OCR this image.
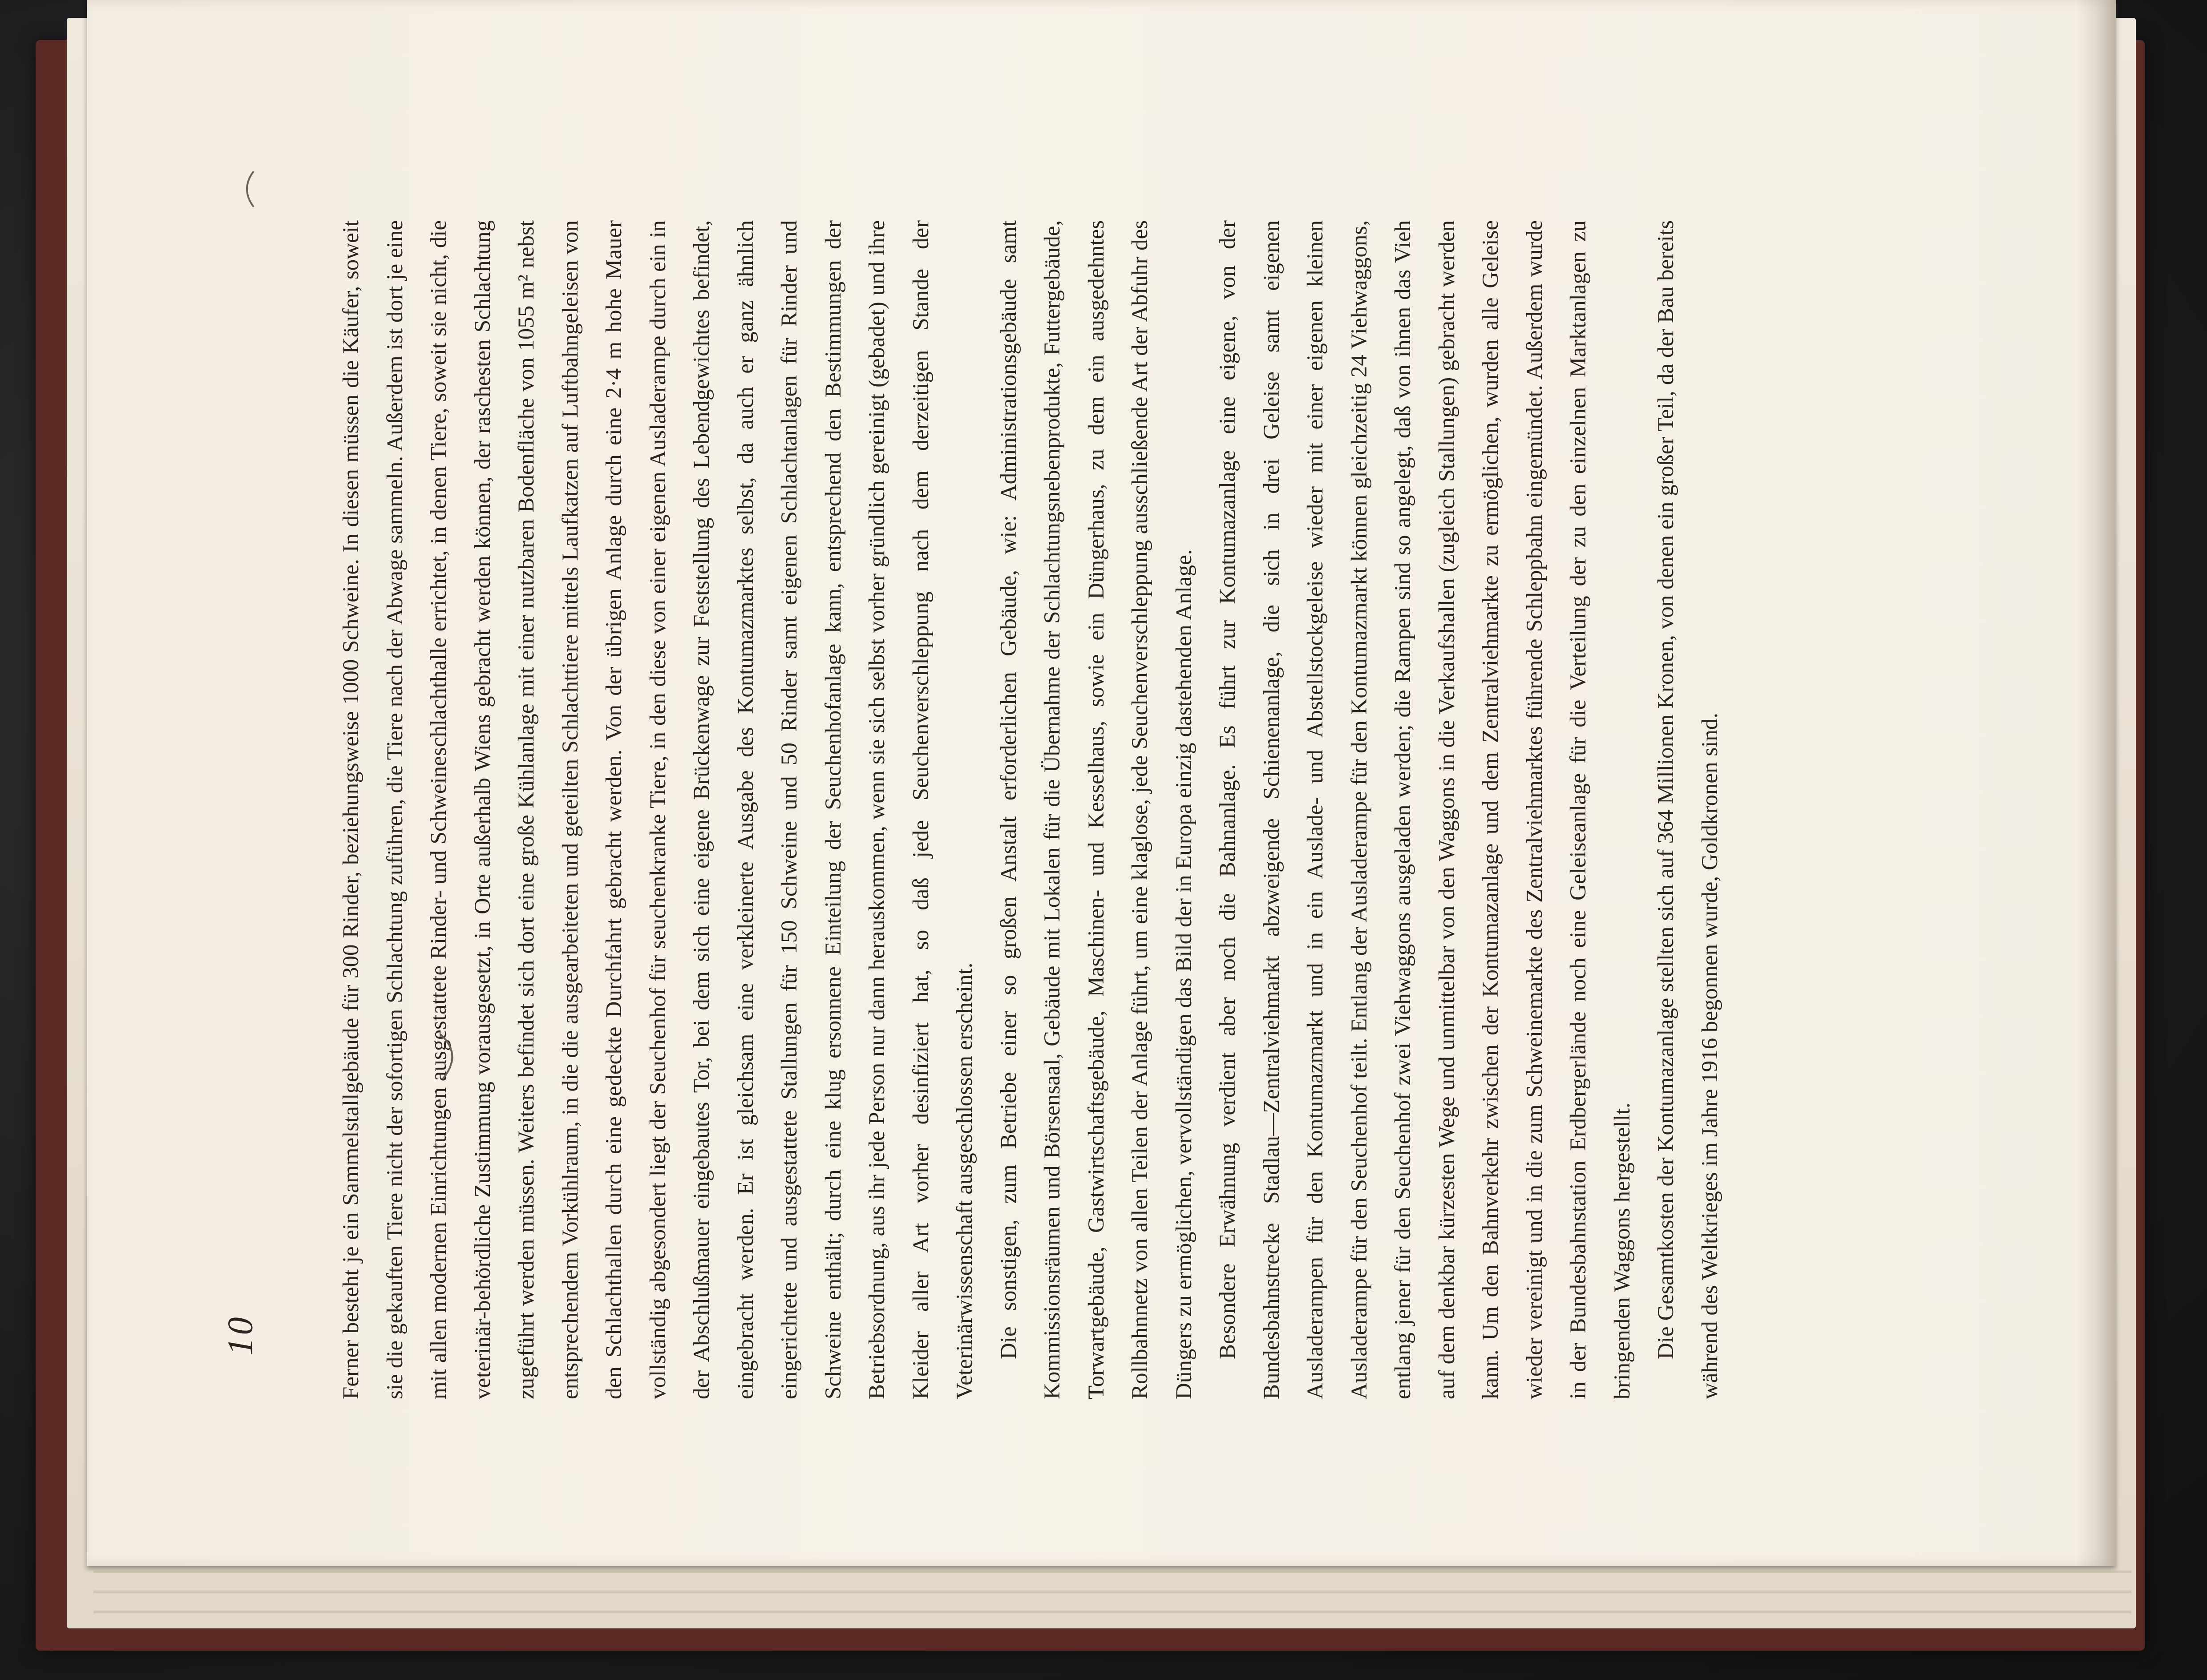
Ferner besteht je ein Sammelstallgebäude für 300 Rinder, beziehungsweise 1000 Schweine. In diesen müssen die Käufer, soweit sie die gekauften Tiere nicht der sofortigen Schlachtung zuführen, die Tiere nach der Abwage sammeln. Außerdem ist dort je eine mit allen modernen Einrichtungen ausgestattete Rinder- und Schweineschlachthalle errichtet, in denen Tiere, soweit sie nicht, die veterinär-behördliche Zustimmung vorausgesetzt, in Orte außerhalb Wiens gebracht werden können, der raschesten Schlachtung zugeführt werden müssen. Weiters befindet sich dort eine große Kühlanlage mit einer nutzbaren Bodenfläche von 1055 m² nebst entsprechendem Vorkühlraum, in die die ausgearbeiteten und geteilten Schlachttiere mittels Laufkatzen auf Luftbahngeleisen von den Schlachthallen durch eine gedeckte Durchfahrt gebracht werden. Von der übrigen Anlage durch eine 2·4 m hohe Mauer vollständig abgesondert liegt der Seuchenhof für seuchenkranke Tiere, in den diese von einer eigenen Ausladerampe durch ein in der Abschlußmauer eingebautes Tor, bei dem sich eine eigene Brückenwage zur Feststellung des Lebendgewichtes befindet, eingebracht werden. Er ist gleichsam eine verkleinerte Ausgabe des Kontumazmarktes selbst, da auch er ganz ähnlich eingerichtete und ausgestattete Stallungen für 150 Schweine und 50 Rinder samt eigenen Schlachtanlagen für Rinder und Schweine enthält; durch eine klug ersonnene Einteilung der Seuchenhofanlage kann, entsprechend den Bestimmungen der Betriebsordnung, aus ihr jede Person nur dann herauskommen, wenn sie sich selbst vorher gründlich gereinigt (gebadet) und ihre Kleider aller Art vorher desinfiziert hat, so daß jede Seuchenverschleppung nach dem derzeitigen Stande der Veterinärwissenschaft ausgeschlossen erscheint. Die sonstigen, zum Betriebe einer so großen Anstalt erforderlichen Gebäude, wie: Administrationsgebäude samt Kommissionsräumen und Börsensaal, Gebäude mit Lokalen für die Übernahme der Schlachtungsnebenprodukte, Futtergebäude, Torwartgebäude, Gastwirtschaftsgebäude, Maschinen- und Kesselhaus, sowie ein Düngerhaus, zu dem ein ausgedehntes Rollbahnnetz von allen Teilen der Anlage führt, um eine klaglose, jede Seuchenverschleppung ausschließende Art der Abfuhr des Düngers zu ermöglichen, vervollständigen das Bild der in Europa einzig dastehenden Anlage. Besondere Erwähnung verdient aber noch die Bahnanlage. Es führt zur Kontumazanlage eine eigene, von der Bundesbahnstrecke Stadlau—Zentralviehmarkt abzweigende Schienenanlage, die sich in drei Geleise samt eigenen Ausladerampen für den Kontumazmarkt und in ein Auslade- und Abstellstockgeleise wieder mit einer eigenen kleinen Ausladerampe für den Seuchenhof teilt. Entlang der Ausladerampe für den Kontumazmarkt können gleichzeitig 24 Viehwaggons, entlang jener für den Seuchenhof zwei Viehwaggons ausgeladen werden; die Rampen sind so angelegt, daß von ihnen das Vieh auf dem denkbar kürzesten Wege und unmittelbar von den Waggons in die Verkaufshallen (zugleich Stallungen) gebracht werden kann. Um den Bahnverkehr zwischen der Kontumazanlage und dem Zentralviehmarkte zu ermöglichen, wurden alle Geleise wieder vereinigt und in die zum Schweinemarkte des Zentralviehmarktes führende Schleppbahn eingemündet. Außerdem wurde in der Bundesbahnstation Erdbergerlände noch eine Geleiseanlage für die Verteilung der zu den einzelnen Marktanlagen zu bringenden Waggons hergestellt. Die Gesamtkosten der Kontumazanlage stellten sich auf 364 Millionen Kronen, von denen ein großer Teil, da der Bau bereits während des Weltkrieges im Jahre 1916 begonnen wurde, Goldkronen sind.

10
